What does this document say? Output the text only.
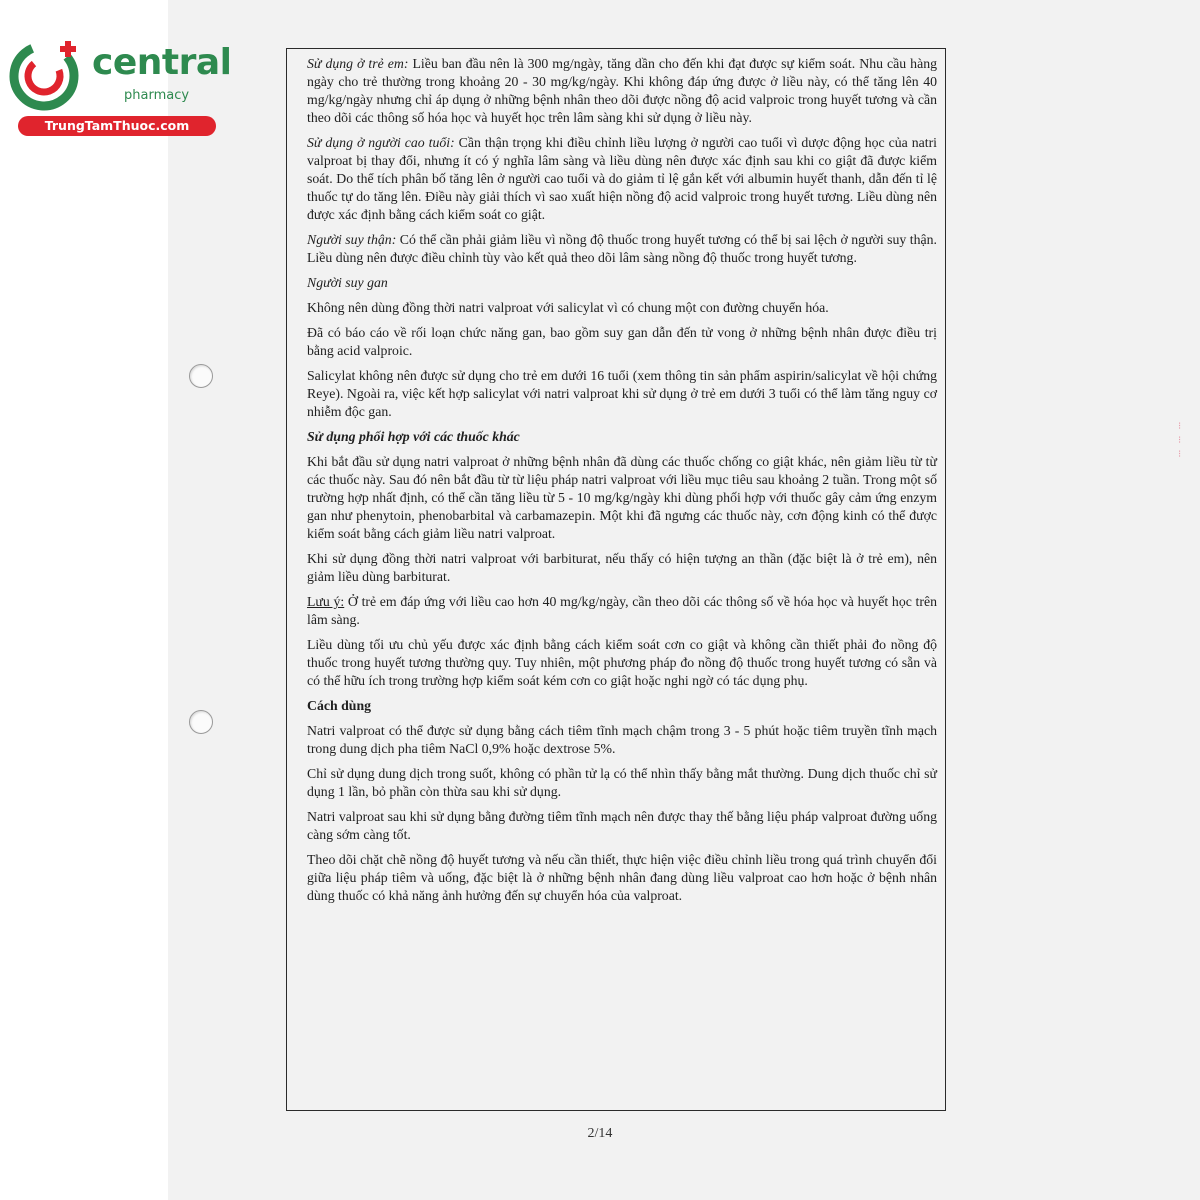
⁝
⁝
⁝
central
pharmacy
TrungTamThuoc.com

Sử dụng ở trẻ em: Liều ban đầu nên là 300 mg/ngày, tăng dần cho đến khi đạt được sự kiểm soát. Nhu cầu hàng ngày cho trẻ thường trong khoảng 20 - 30 mg/kg/ngày. Khi không đáp ứng được ở liều này, có thể tăng lên 40 mg/kg/ngày nhưng chỉ áp dụng ở những bệnh nhân theo dõi được nồng độ acid valproic trong huyết tương và cần theo dõi các thông số hóa học và huyết học trên lâm sàng khi sử dụng ở liều này.

Sử dụng ở người cao tuổi: Cần thận trọng khi điều chỉnh liều lượng ở người cao tuổi vì dược động học của natri valproat bị thay đổi, nhưng ít có ý nghĩa lâm sàng và liều dùng nên được xác định sau khi co giật đã được kiểm soát. Do thể tích phân bố tăng lên ở người cao tuổi và do giảm tỉ lệ gắn kết với albumin huyết thanh, dẫn đến tỉ lệ thuốc tự do tăng lên. Điều này giải thích vì sao xuất hiện nồng độ acid valproic trong huyết tương. Liều dùng nên được xác định bằng cách kiểm soát co giật.

Người suy thận: Có thể cần phải giảm liều vì nồng độ thuốc trong huyết tương có thể bị sai lệch ở người suy thận. Liều dùng nên được điều chỉnh tùy vào kết quả theo dõi lâm sàng nồng độ thuốc trong huyết tương.

Người suy gan

Không nên dùng đồng thời natri valproat với salicylat vì có chung một con đường chuyển hóa.

Đã có báo cáo về rối loạn chức năng gan, bao gồm suy gan dẫn đến tử vong ở những bệnh nhân được điều trị bằng acid valproic.

Salicylat không nên được sử dụng cho trẻ em dưới 16 tuổi (xem thông tin sản phẩm aspirin/salicylat về hội chứng Reye). Ngoài ra, việc kết hợp salicylat với natri valproat khi sử dụng ở trẻ em dưới 3 tuổi có thể làm tăng nguy cơ nhiễm độc gan.

Sử dụng phối hợp với các thuốc khác

Khi bắt đầu sử dụng natri valproat ở những bệnh nhân đã dùng các thuốc chống co giật khác, nên giảm liều từ từ các thuốc này. Sau đó nên bắt đầu từ từ liệu pháp natri valproat với liều mục tiêu sau khoảng 2 tuần. Trong một số trường hợp nhất định, có thể cần tăng liều từ 5 - 10 mg/kg/ngày khi dùng phối hợp với thuốc gây cảm ứng enzym gan như phenytoin, phenobarbital và carbamazepin. Một khi đã ngưng các thuốc này, cơn động kinh có thể được kiểm soát bằng cách giảm liều natri valproat.

Khi sử dụng đồng thời natri valproat với barbiturat, nếu thấy có hiện tượng an thần (đặc biệt là ở trẻ em), nên giảm liều dùng barbiturat.

Lưu ý: Ở trẻ em đáp ứng với liều cao hơn 40 mg/kg/ngày, cần theo dõi các thông số về hóa học và huyết học trên lâm sàng.

Liều dùng tối ưu chủ yếu được xác định bằng cách kiểm soát cơn co giật và không cần thiết phải đo nồng độ thuốc trong huyết tương thường quy. Tuy nhiên, một phương pháp đo nồng độ thuốc trong huyết tương có sẵn và có thể hữu ích trong trường hợp kiểm soát kém cơn co giật hoặc nghi ngờ có tác dụng phụ.

Cách dùng

Natri valproat có thể được sử dụng bằng cách tiêm tĩnh mạch chậm trong 3 - 5 phút hoặc tiêm truyền tĩnh mạch trong dung dịch pha tiêm NaCl 0,9% hoặc dextrose 5%.

Chỉ sử dụng dung dịch trong suốt, không có phần tử lạ có thể nhìn thấy bằng mắt thường. Dung dịch thuốc chỉ sử dụng 1 lần, bỏ phần còn thừa sau khi sử dụng.

Natri valproat sau khi sử dụng bằng đường tiêm tĩnh mạch nên được thay thế bằng liệu pháp valproat đường uống càng sớm càng tốt.

Theo dõi chặt chẽ nồng độ huyết tương và nếu cần thiết, thực hiện việc điều chỉnh liều trong quá trình chuyển đổi giữa liệu pháp tiêm và uống, đặc biệt là ở những bệnh nhân đang dùng liều valproat cao hơn hoặc ở bệnh nhân dùng thuốc có khả năng ảnh hưởng đến sự chuyển hóa của valproat.

2/14
